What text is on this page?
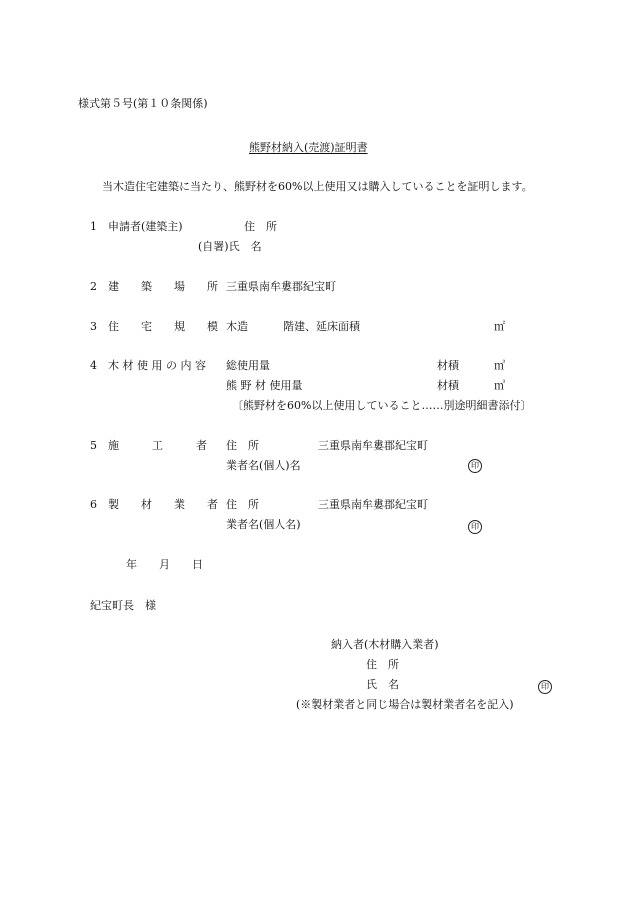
様式第５号(第１０条関係)
熊野材納入(売渡)証明書
当木造住宅建築に当たり、熊野材を60%以上使用又は購入していることを証明します。
1 申請者(建築主)	住　所
(自署)氏　名
2 建　　築　　場　　所 三重県南牟婁郡紀宝町
3 住　　宅　　規　　模 木造	階建、延床面積	㎡
4 木 材 使 用 の 内 容 総使用量	材積	㎥
熊 野 材 使用量	材積	㎥
〔熊野材を60%以上使用していること……別途明細書添付〕
5 施　　　工　　　者 住　所	三重県南牟婁郡紀宝町
業者名(個人)名	印
6 製　　材　　業　　者 住　所	三重県南牟婁郡紀宝町
業者名(個人名)	印
年　　月　　日
紀宝町長　様
納入者(木材購入業者)
住　所
氏　名	印
(※製材業者と同じ場合は製材業者名を記入)
